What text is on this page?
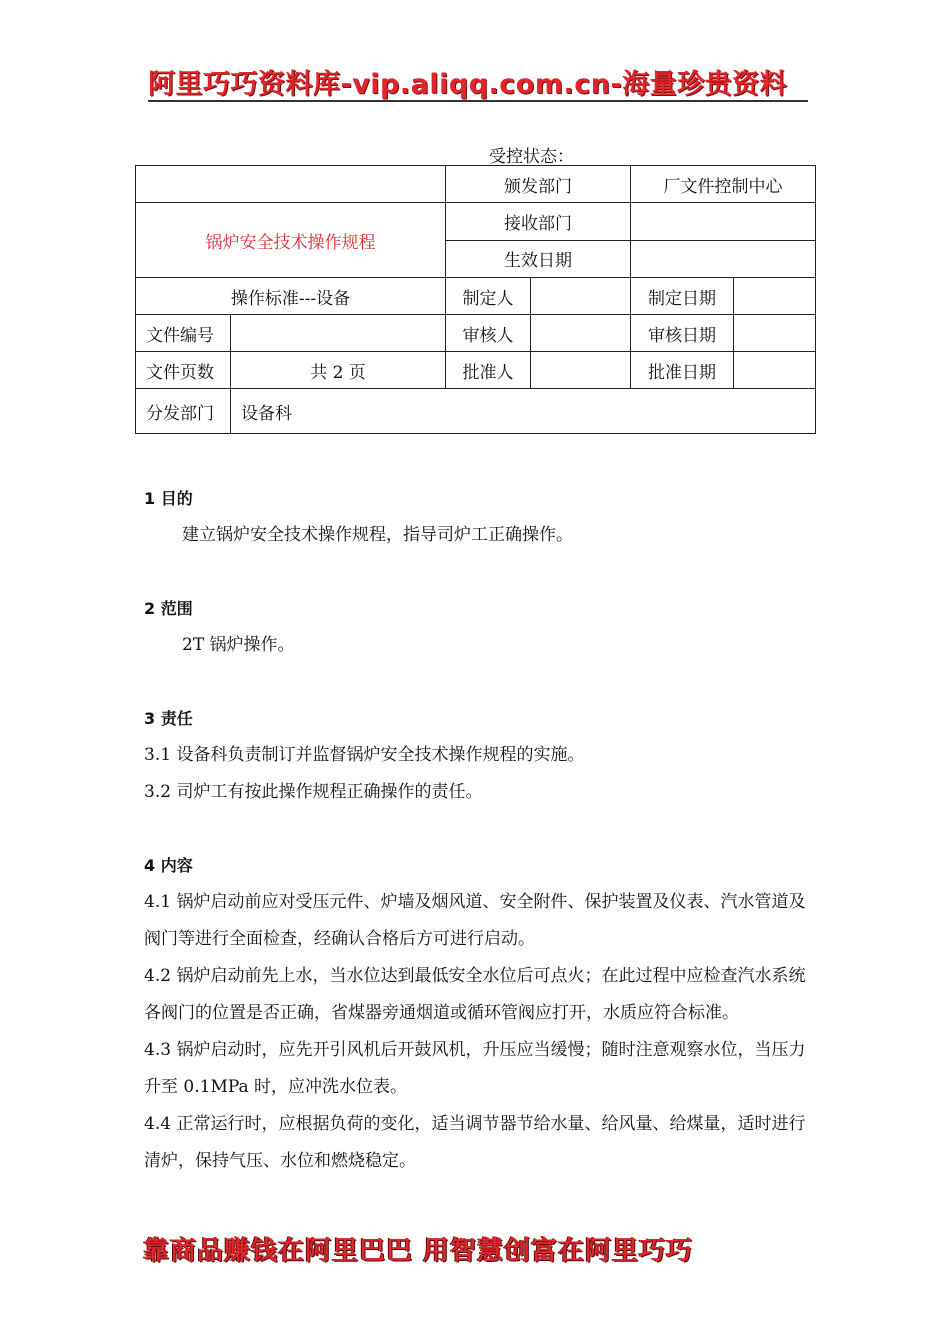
阿里巧巧资料库-vip.aliqq.com.cn-海量珍贵资料
受控状态：
		颁发部门		厂文件控制中心	
锅炉安全技术操作规程		接收部门			
		生效日期			
操作标准---设备		制定人		制定日期	
文件编号		审核人		审核日期	
文件页数	共 2 页	批准人		批准日期	
分发部门	设备科				
1 目的
建立锅炉安全技术操作规程，指导司炉工正确操作。
2 范围
2T 锅炉操作。
3 责任
3.1 设备科负责制订并监督锅炉安全技术操作规程的实施。
3.2 司炉工有按此操作规程正确操作的责任。
4 内容
4.1 锅炉启动前应对受压元件、炉墙及烟风道、安全附件、保护装置及仪表、汽水管道及阀门等进行全面检查，经确认合格后方可进行启动。
4.2 锅炉启动前先上水，当水位达到最低安全水位后可点火；在此过程中应检查汽水系统各阀门的位置是否正确，省煤器旁通烟道或循环管阀应打开，水质应符合标准。
4.3 锅炉启动时，应先开引风机后开鼓风机，升压应当缓慢；随时注意观察水位，当压力升至 0.1MPa 时，应冲洗水位表。
4.4 正常运行时，应根据负荷的变化，适当调节器节给水量、给风量、给煤量，适时进行清炉，保持气压、水位和燃烧稳定。
靠商品赚钱在阿里巴巴 用智慧创富在阿里巧巧
